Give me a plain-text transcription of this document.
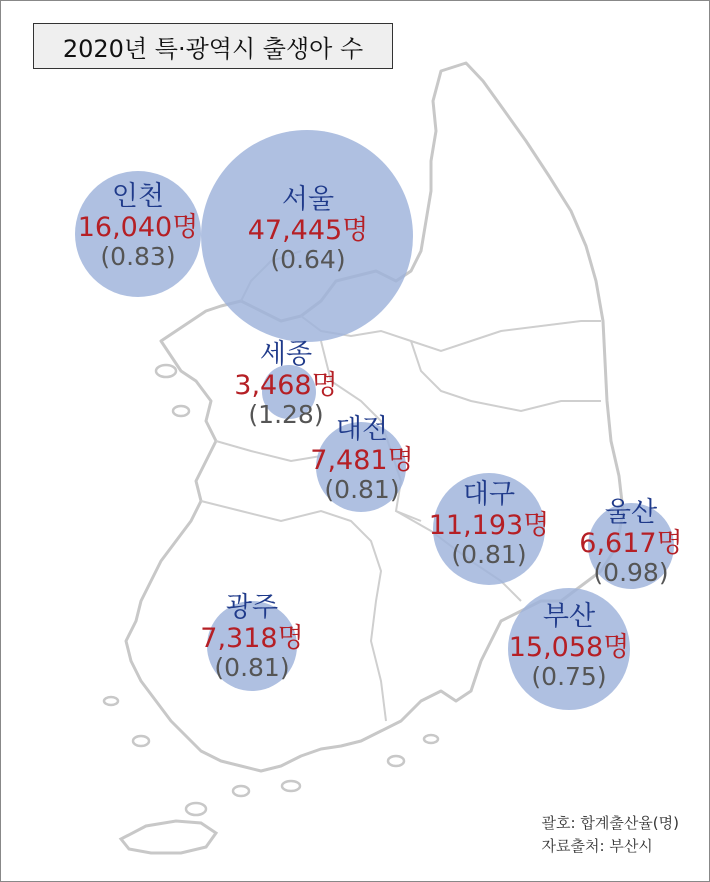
2020년 특·광역시 출생아 수
인천
16,040명
(0.83)
서울
47,445명
(0.64)
세종
3,468명
(1.28) 대전
7,481명
(0.81)	대구
11,193명
(0.81)
울산
6,617명
(0.98)
광주
7,318명
(0.81)
부산
15,058명
(0.75)
괄호: 합계출산율(명)
자료출처: 부산시
